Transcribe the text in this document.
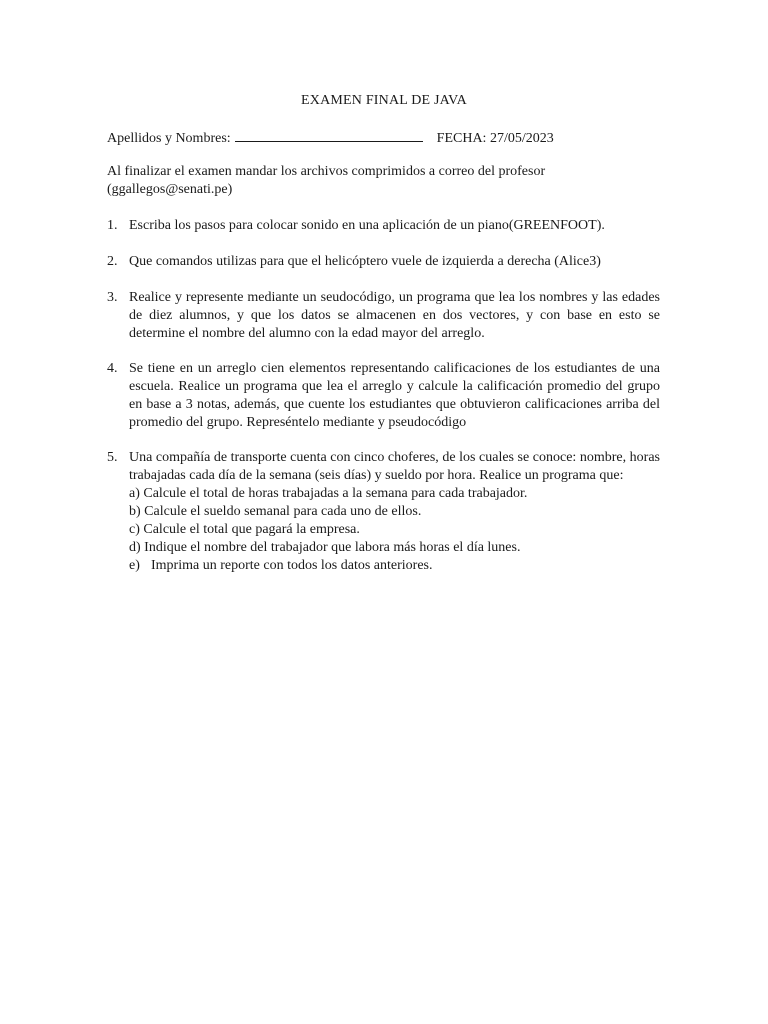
EXAMEN FINAL DE JAVA
Apellidos y Nombres:	FECHA: 27/05/2023
Al finalizar el examen mandar los archivos comprimidos a correo del profesor (ggallegos@senati.pe)
1. Escriba los pasos para colocar sonido en una aplicación de un piano(GREENFOOT).
2. Que comandos utilizas para que el helicóptero vuele de izquierda a derecha (Alice3)
3. Realice y represente mediante un seudocódigo, un programa que lea los nombres y las edades de diez alumnos, y que los datos se almacenen en dos vectores, y con base en esto se determine el nombre del alumno con la edad mayor del arreglo.
4. Se tiene en un arreglo cien elementos representando calificaciones de los estudiantes de una escuela. Realice un programa que lea el arreglo y calcule la calificación promedio del grupo en base a 3 notas, además, que cuente los estudiantes que obtuvieron calificaciones arriba del promedio del grupo. Represéntelo mediante y pseudocódigo
5. Una compañía de transporte cuenta con cinco choferes, de los cuales se conoce: nombre, horas trabajadas cada día de la semana (seis días) y sueldo por hora. Realice un programa que:
a) Calcule el total de horas trabajadas a la semana para cada trabajador.
b) Calcule el sueldo semanal para cada uno de ellos.
c) Calcule el total que pagará la empresa.
d) Indique el nombre del trabajador que labora más horas el día lunes.
e) Imprima un reporte con todos los datos anteriores.
